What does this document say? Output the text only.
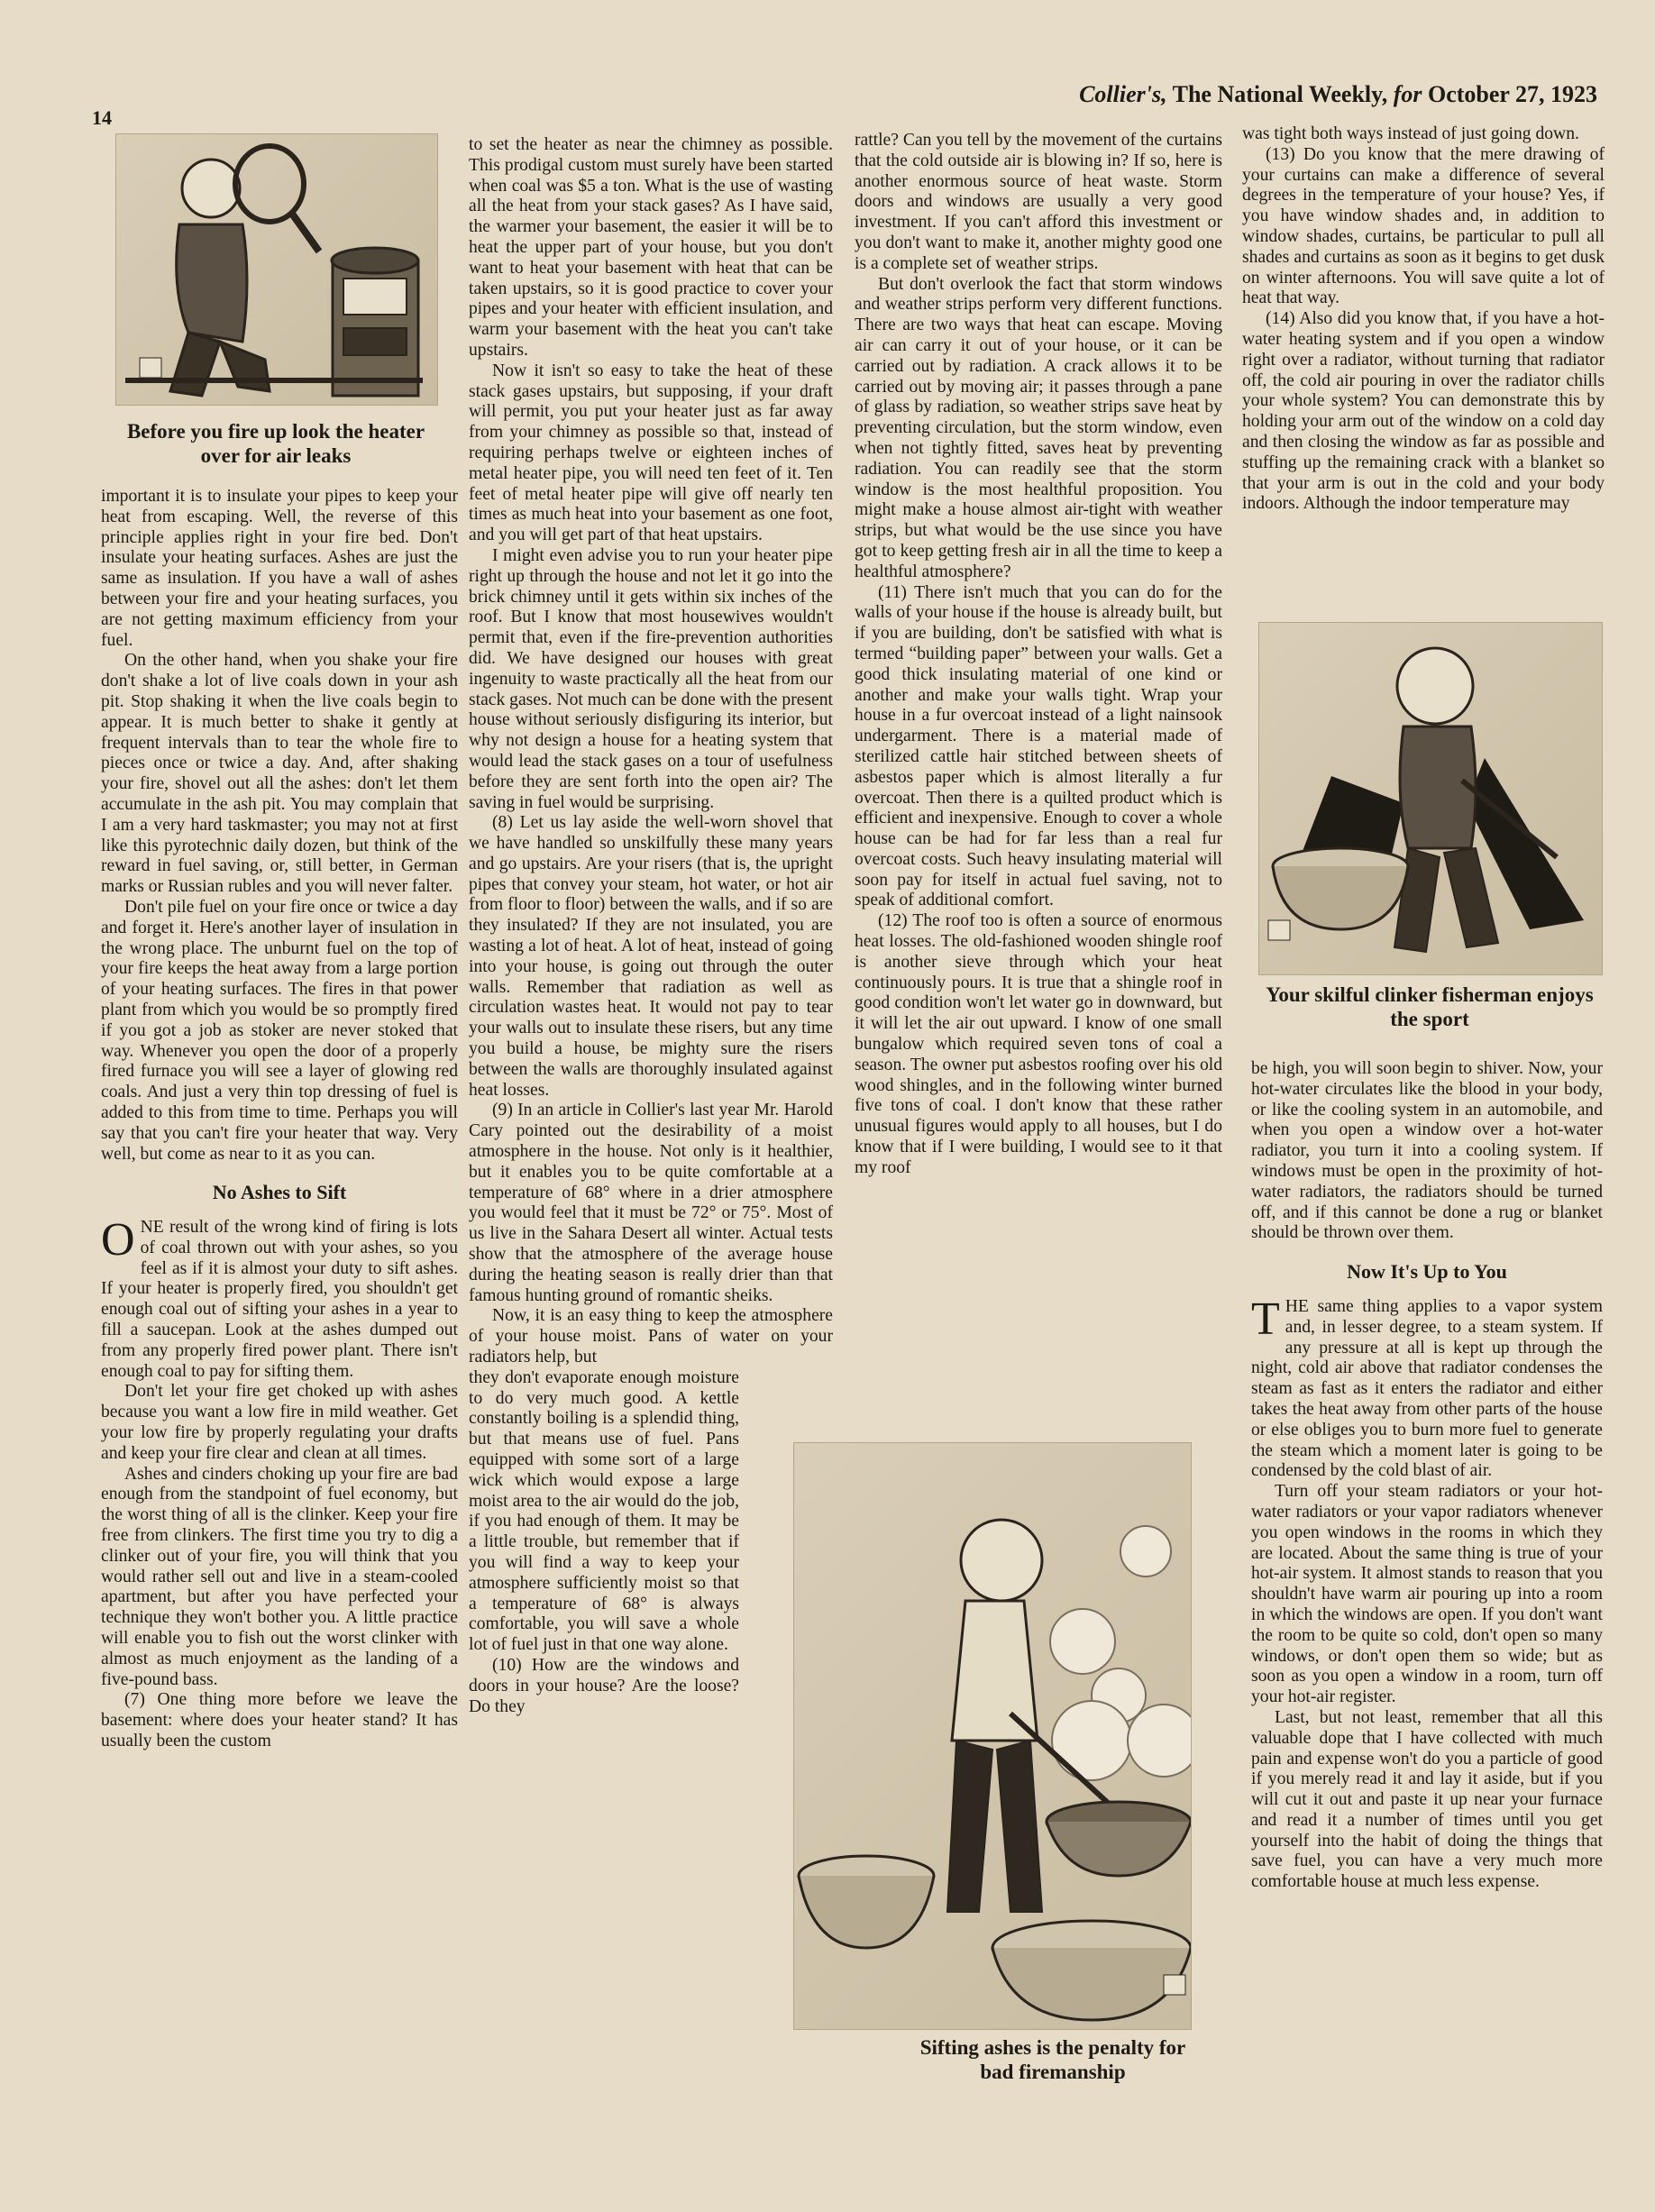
14
Collier's, The National Weekly, for October 27, 1923
Before you fire up look the heater over for air leaks

important it is to insulate your pipes to keep your heat from escaping. Well, the reverse of this principle applies right in your fire bed. Don't insulate your heating surfaces. Ashes are just the same as insulation. If you have a wall of ashes between your fire and your heating surfaces, you are not getting maximum efficiency from your fuel.

On the other hand, when you shake your fire don't shake a lot of live coals down in your ash pit. Stop shaking it when the live coals begin to appear. It is much better to shake it gently at frequent intervals than to tear the whole fire to pieces once or twice a day. And, after shaking your fire, shovel out all the ashes: don't let them accumulate in the ash pit. You may complain that I am a very hard taskmaster; you may not at first like this pyrotechnic daily dozen, but think of the reward in fuel saving, or, still better, in German marks or Russian rubles and you will never falter.

Don't pile fuel on your fire once or twice a day and forget it. Here's another layer of insulation in the wrong place. The unburnt fuel on the top of your fire keeps the heat away from a large portion of your heating surfaces. The fires in that power plant from which you would be so promptly fired if you got a job as stoker are never stoked that way. Whenever you open the door of a properly fired furnace you will see a layer of glowing red coals. And just a very thin top dressing of fuel is added to this from time to time. Perhaps you will say that you can't fire your heater that way. Very well, but come as near to it as you can.

No Ashes to Sift

ONE result of the wrong kind of firing is lots of coal thrown out with your ashes, so you feel as if it is almost your duty to sift ashes. If your heater is properly fired, you shouldn't get enough coal out of sifting your ashes in a year to fill a saucepan. Look at the ashes dumped out from any properly fired power plant. There isn't enough coal to pay for sifting them.

Don't let your fire get choked up with ashes because you want a low fire in mild weather. Get your low fire by properly regulating your drafts and keep your fire clear and clean at all times.

Ashes and cinders choking up your fire are bad enough from the standpoint of fuel economy, but the worst thing of all is the clinker. Keep your fire free from clinkers. The first time you try to dig a clinker out of your fire, you will think that you would rather sell out and live in a steam-cooled apartment, but after you have perfected your technique they won't bother you. A little practice will enable you to fish out the worst clinker with almost as much enjoyment as the landing of a five-pound bass.

(7) One thing more before we leave the basement: where does your heater stand? It has usually been the custom

to set the heater as near the chimney as possible. This prodigal custom must surely have been started when coal was $5 a ton. What is the use of wasting all the heat from your stack gases? As I have said, the warmer your basement, the easier it will be to heat the upper part of your house, but you don't want to heat your basement with heat that can be taken upstairs, so it is good practice to cover your pipes and your heater with efficient insulation, and warm your basement with the heat you can't take upstairs.

Now it isn't so easy to take the heat of these stack gases upstairs, but supposing, if your draft will permit, you put your heater just as far away from your chimney as possible so that, instead of requiring perhaps twelve or eighteen inches of metal heater pipe, you will need ten feet of it. Ten feet of metal heater pipe will give off nearly ten times as much heat into your basement as one foot, and you will get part of that heat upstairs.

I might even advise you to run your heater pipe right up through the house and not let it go into the brick chimney until it gets within six inches of the roof. But I know that most housewives wouldn't permit that, even if the fire-prevention authorities did. We have designed our houses with great ingenuity to waste practically all the heat from our stack gases. Not much can be done with the present house without seriously disfiguring its interior, but why not design a house for a heating system that would lead the stack gases on a tour of usefulness before they are sent forth into the open air? The saving in fuel would be surprising.

(8) Let us lay aside the well-worn shovel that we have handled so unskilfully these many years and go upstairs. Are your risers (that is, the upright pipes that convey your steam, hot water, or hot air from floor to floor) between the walls, and if so are they insulated? If they are not insulated, you are wasting a lot of heat. A lot of heat, instead of going into your house, is going out through the outer walls. Remember that radiation as well as circulation wastes heat. It would not pay to tear your walls out to insulate these risers, but any time you build a house, be mighty sure the risers between the walls are thoroughly insulated against heat losses.

(9) In an article in Collier's last year Mr. Harold Cary pointed out the desirability of a moist atmosphere in the house. Not only is it healthier, but it enables you to be quite comfortable at a temperature of 68° where in a drier atmosphere you would feel that it must be 72° or 75°. Most of us live in the Sahara Desert all winter. Actual tests show that the atmosphere of the average house during the heating season is really drier than that famous hunting ground of romantic sheiks.

Now, it is an easy thing to keep the atmosphere of your house moist. Pans of water on your radiators help, but

they don't evaporate enough moisture to do very much good. A kettle constantly boiling is a splendid thing, but that means use of fuel. Pans equipped with some sort of a large wick which would expose a large moist area to the air would do the job, if you had enough of them. It may be a little trouble, but remember that if you will find a way to keep your atmosphere sufficiently moist so that a temperature of 68° is always comfortable, you will save a whole lot of fuel just in that one way alone.

(10) How are the windows and doors in your house? Are the loose? Do they

rattle? Can you tell by the movement of the curtains that the cold outside air is blowing in? If so, here is another enormous source of heat waste. Storm doors and windows are usually a very good investment. If you can't afford this investment or you don't want to make it, another mighty good one is a complete set of weather strips.

But don't overlook the fact that storm windows and weather strips perform very different functions. There are two ways that heat can escape. Moving air can carry it out of your house, or it can be carried out by radiation. A crack allows it to be carried out by moving air; it passes through a pane of glass by radiation, so weather strips save heat by preventing circulation, but the storm window, even when not tightly fitted, saves heat by preventing radiation. You can readily see that the storm window is the most healthful proposition. You might make a house almost air-tight with weather strips, but what would be the use since you have got to keep getting fresh air in all the time to keep a healthful atmosphere?

(11) There isn't much that you can do for the walls of your house if the house is already built, but if you are building, don't be satisfied with what is termed “building paper” between your walls. Get a good thick insulating material of one kind or another and make your walls tight. Wrap your house in a fur overcoat instead of a light nainsook undergarment. There is a material made of sterilized cattle hair stitched between sheets of asbestos paper which is almost literally a fur overcoat. Then there is a quilted product which is efficient and inexpensive. Enough to cover a whole house can be had for far less than a real fur overcoat costs. Such heavy insulating material will soon pay for itself in actual fuel saving, not to speak of additional comfort.

(12) The roof too is often a source of enormous heat losses. The old-fashioned wooden shingle roof is another sieve through which your heat continuously pours. It is true that a shingle roof in good condition won't let water go in downward, but it will let the air out upward. I know of one small bungalow which required seven tons of coal a season. The owner put asbestos roofing over his old wood shingles, and in the following winter burned five tons of coal. I don't know that these rather unusual figures would apply to all houses, but I do know that if I were building, I would see to it that my roof

Sifting ashes is the penalty for bad firemanship

was tight both ways instead of just going down.

(13) Do you know that the mere drawing of your curtains can make a difference of several degrees in the temperature of your house? Yes, if you have window shades and, in addition to window shades, curtains, be particular to pull all shades and curtains as soon as it begins to get dusk on winter afternoons. You will save quite a lot of heat that way.

(14) Also did you know that, if you have a hot-water heating system and if you open a window right over a radiator, without turning that radiator off, the cold air pouring in over the radiator chills your whole system? You can demonstrate this by holding your arm out of the window on a cold day and then closing the window as far as possible and stuffing up the remaining crack with a blanket so that your arm is out in the cold and your body indoors. Although the indoor temperature may

Your skilful clinker fisherman enjoys the sport

be high, you will soon begin to shiver. Now, your hot-water circulates like the blood in your body, or like the cooling system in an automobile, and when you open a window over a hot-water radiator, you turn it into a cooling system. If windows must be open in the proximity of hot-water radiators, the radiators should be turned off, and if this cannot be done a rug or blanket should be thrown over them.

Now It's Up to You

THE same thing applies to a vapor system and, in lesser degree, to a steam system. If any pressure at all is kept up through the night, cold air above that radiator condenses the steam as fast as it enters the radiator and either takes the heat away from other parts of the house or else obliges you to burn more fuel to generate the steam which a moment later is going to be condensed by the cold blast of air.

Turn off your steam radiators or your hot-water radiators or your vapor radiators whenever you open windows in the rooms in which they are located. About the same thing is true of your hot-air system. It almost stands to reason that you shouldn't have warm air pouring up into a room in which the windows are open. If you don't want the room to be quite so cold, don't open so many windows, or don't open them so wide; but as soon as you open a window in a room, turn off your hot-air register.

Last, but not least, remember that all this valuable dope that I have collected with much pain and expense won't do you a particle of good if you merely read it and lay it aside, but if you will cut it out and paste it up near your furnace and read it a number of times until you get yourself into the habit of doing the things that save fuel, you can have a very much more comfortable house at much less expense.
